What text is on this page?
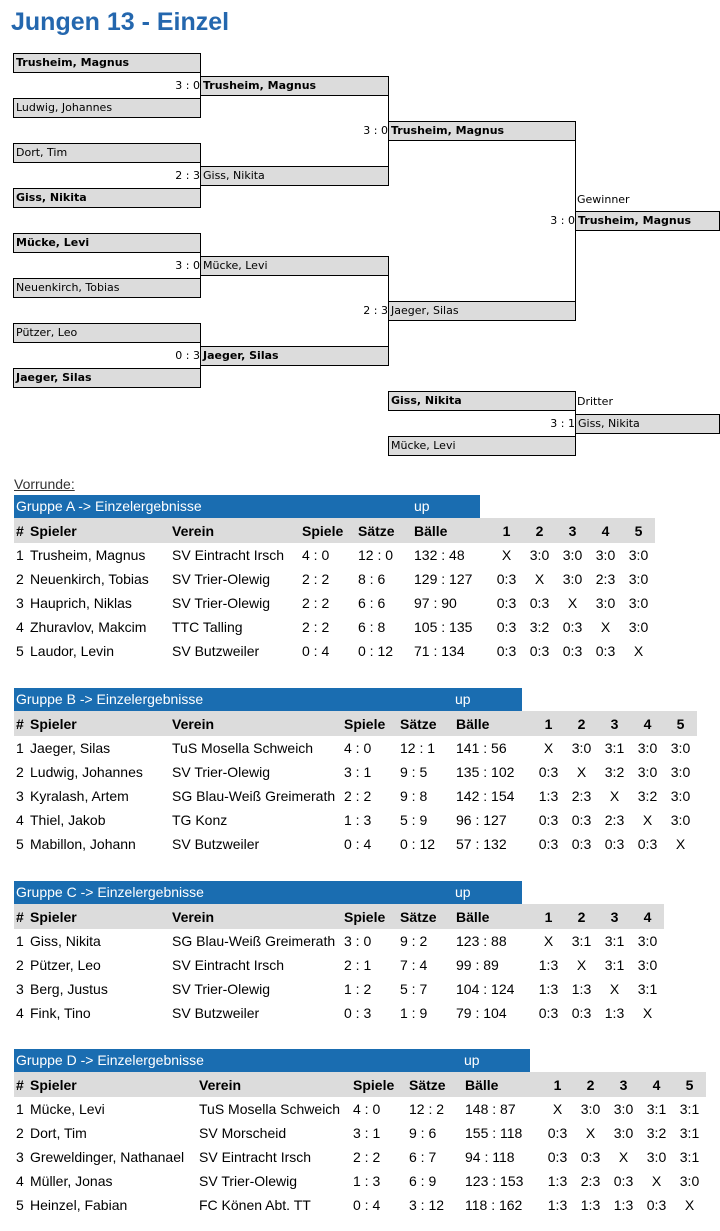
Jungen 13 - Einzel
Trusheim, Magnus
Ludwig, Johannes
Dort, Tim
Giss, Nikita
Mücke, Levi
Neuenkirch, Tobias
Pützer, Leo
Jaeger, Silas
3 : 0 Trusheim, Magnus
2 : 3 Giss, Nikita
3 : 0 Mücke, Levi
0 : 3 Jaeger, Silas
3 : 0 Trusheim, Magnus
2 : 3 Jaeger, Silas
Gewinner
3 : 0 Trusheim, Magnus
Giss, Nikita
Mücke, Levi
Dritter
3 : 1 Giss, Nikita
Vorrunde:
Gruppe A -> Einzelergebnisse	up
#	Spieler	Verein	Spiele	Sätze	Bälle	1	2	3	4	5
1	Trusheim, Magnus	SV Eintracht Irsch	4 : 0	12 : 0	132 : 48	X	3:0	3:0	3:0	3:0
2	Neuenkirch, Tobias	SV Trier-Olewig	2 : 2	8 : 6	129 : 127	0:3	X	3:0	2:3	3:0
3	Hauprich, Niklas	SV Trier-Olewig	2 : 2	6 : 6	97 : 90	0:3	0:3	X	3:0	3:0
4	Zhuravlov, Makcim	TTC Talling	2 : 2	6 : 8	105 : 135	0:3	3:2	0:3	X	3:0
5	Laudor, Levin	SV Butzweiler	0 : 4	0 : 12	71 : 134	0:3	0:3	0:3	0:3	X
Gruppe B -> Einzelergebnisse	up
#	Spieler	Verein	Spiele	Sätze	Bälle	1	2	3	4	5
1	Jaeger, Silas	TuS Mosella Schweich	4 : 0	12 : 1	141 : 56	X	3:0	3:1	3:0	3:0
2	Ludwig, Johannes	SV Trier-Olewig	3 : 1	9 : 5	135 : 102	0:3	X	3:2	3:0	3:0
3	Kyralash, Artem	SG Blau-Weiß Greimerath	2 : 2	9 : 8	142 : 154	1:3	2:3	X	3:2	3:0
4	Thiel, Jakob	TG Konz	1 : 3	5 : 9	96 : 127	0:3	0:3	2:3	X	3:0
5	Mabillon, Johann	SV Butzweiler	0 : 4	0 : 12	57 : 132	0:3	0:3	0:3	0:3	X
Gruppe C -> Einzelergebnisse	up
#	Spieler	Verein	Spiele	Sätze	Bälle	1	2	3	4
1	Giss, Nikita	SG Blau-Weiß Greimerath	3 : 0	9 : 2	123 : 88	X	3:1	3:1	3:0
2	Pützer, Leo	SV Eintracht Irsch	2 : 1	7 : 4	99 : 89	1:3	X	3:1	3:0
3	Berg, Justus	SV Trier-Olewig	1 : 2	5 : 7	104 : 124	1:3	1:3	X	3:1
4	Fink, Tino	SV Butzweiler	0 : 3	1 : 9	79 : 104	0:3	0:3	1:3	X
Gruppe D -> Einzelergebnisse	up
#	Spieler	Verein	Spiele	Sätze	Bälle	1	2	3	4	5
1	Mücke, Levi	TuS Mosella Schweich	4 : 0	12 : 2	148 : 87	X	3:0	3:0	3:1	3:1
2	Dort, Tim	SV Morscheid	3 : 1	9 : 6	155 : 118	0:3	X	3:0	3:2	3:1
3	Greweldinger, Nathanael	SV Eintracht Irsch	2 : 2	6 : 7	94 : 118	0:3	0:3	X	3:0	3:1
4	Müller, Jonas	SV Trier-Olewig	1 : 3	6 : 9	123 : 153	1:3	2:3	0:3	X	3:0
5	Heinzel, Fabian	FC Könen Abt. TT	0 : 4	3 : 12	118 : 162	1:3	1:3	1:3	0:3	X
